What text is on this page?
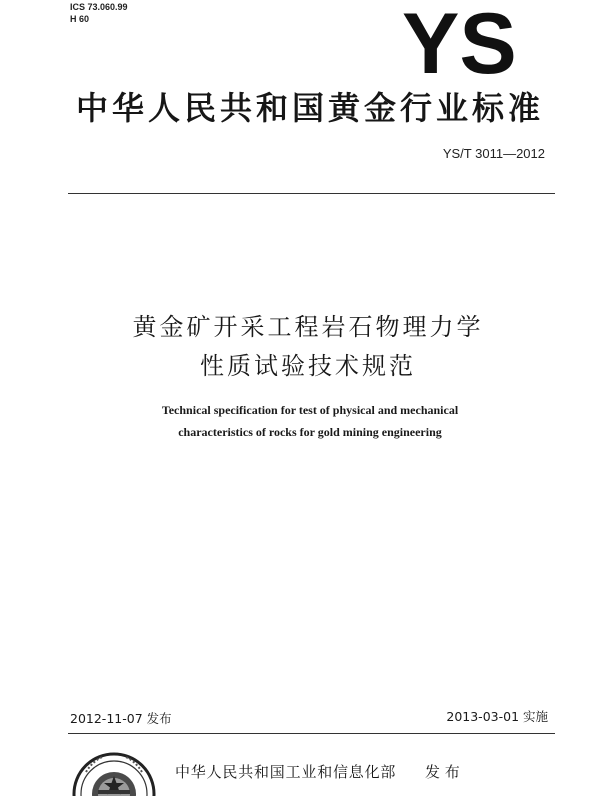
ICS 73.060.99
H 60	YS
中华人民共和国黄金行业标准
YS/T 3011—2012
黄金矿开采工程岩石物理力学
性质试验技术规范
Technical specification for test of physical and mechanical
characteristics of rocks for gold mining engineering
2012-11-07 发布	2013-03-01 实施
中华人民共和国工业和信息化部 发 布
